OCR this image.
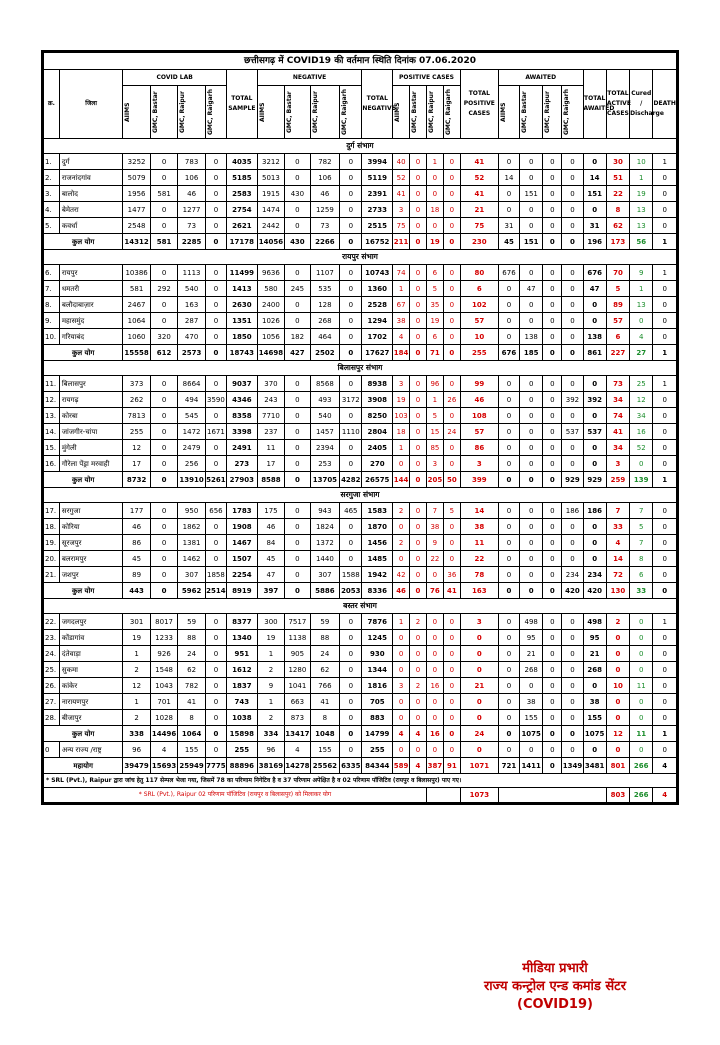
छत्तीसगढ़ में COVID19 की वर्तमान स्थिति दिनांक 07.06.2020																								
क्र.	जिला	COVID LAB				TOTAL SAMPLE	NEGATIVE				TOTAL NEGATIVE	POSITIVE CASES				TOTAL POSITIVE CASES	AWAITED				TOTAL AWAITED	TOTAL ACTIVE CASES	Cured / Discharge	DEATH

		AIIMS	GMC, Bastar	GMC, Raipur	GMC, Raigarh		AIIMS	GMC, Bastar	GMC, Raipur	GMC, Raigarh		AIIMS	GMC, Bastar	GMC, Raipur	GMC, Raigarh		AIIMS	GMC, Bastar	GMC, Raipur	GMC, Raigarh				

दुर्ग संभाग																								
1.	दुर्ग	3252	0	783	0	4035	3212	0	782	0	3994	40	0	1	0	41	0	0	0	0	0	30	10	1
2.	राजनांदगांव	5079	0	106	0	5185	5013	0	106	0	5119	52	0	0	0	52	14	0	0	0	14	51	1	0
3.	बालोद	1956	581	46	0	2583	1915	430	46	0	2391	41	0	0	0	41	0	151	0	0	151	22	19	0
4.	बेमेतरा	1477	0	1277	0	2754	1474	0	1259	0	2733	3	0	18	0	21	0	0	0	0	0	8	13	0
5.	कवर्धा	2548	0	73	0	2621	2442	0	73	0	2515	75	0	0	0	75	31	0	0	0	31	62	13	0
कुल योग		14312	581	2285	0	17178	14056	430	2266	0	16752	211	0	19	0	230	45	151	0	0	196	173	56	1
रायपुर संभाग																								
6.	रायपुर	10386	0	1113	0	11499	9636	0	1107	0	10743	74	0	6	0	80	676	0	0	0	676	70	9	1
7.	धमतरी	581	292	540	0	1413	580	245	535	0	1360	1	0	5	0	6	0	47	0	0	47	5	1	0
8.	बलौदाबाज़ार	2467	0	163	0	2630	2400	0	128	0	2528	67	0	35	0	102	0	0	0	0	0	89	13	0
9.	महासमुंद	1064	0	287	0	1351	1026	0	268	0	1294	38	0	19	0	57	0	0	0	0	0	57	0	0
10.	गरियाबंद	1060	320	470	0	1850	1056	182	464	0	1702	4	0	6	0	10	0	138	0	0	138	6	4	0
कुल योग		15558	612	2573	0	18743	14698	427	2502	0	17627	184	0	71	0	255	676	185	0	0	861	227	27	1
बिलासपुर संभाग																								
11.	बिलासपुर	373	0	8664	0	9037	370	0	8568	0	8938	3	0	96	0	99	0	0	0	0	0	73	25	1
12.	रायगढ़	262	0	494	3590	4346	243	0	493	3172	3908	19	0	1	26	46	0	0	0	392	392	34	12	0
13.	कोरबा	7813	0	545	0	8358	7710	0	540	0	8250	103	0	5	0	108	0	0	0	0	0	74	34	0
14.	जांजगीर-चांपा	255	0	1472	1671	3398	237	0	1457	1110	2804	18	0	15	24	57	0	0	0	537	537	41	16	0
15.	मुंगेली	12	0	2479	0	2491	11	0	2394	0	2405	1	0	85	0	86	0	0	0	0	0	34	52	0
16.	गौरेला पेंड्रा मरवाही	17	0	256	0	273	17	0	253	0	270	0	0	3	0	3	0	0	0	0	0	3	0	0
कुल योग		8732	0	13910	5261	27903	8588	0	13705	4282	26575	144	0	205	50	399	0	0	0	929	929	259	139	1
सरगुजा संभाग																								
17.	सरगुजा	177	0	950	656	1783	175	0	943	465	1583	2	0	7	5	14	0	0	0	186	186	7	7	0
18.	कोरिया	46	0	1862	0	1908	46	0	1824	0	1870	0	0	38	0	38	0	0	0	0	0	33	5	0
19.	सूरजपुर	86	0	1381	0	1467	84	0	1372	0	1456	2	0	9	0	11	0	0	0	0	0	4	7	0
20.	बलरामपुर	45	0	1462	0	1507	45	0	1440	0	1485	0	0	22	0	22	0	0	0	0	0	14	8	0
21.	जशपुर	89	0	307	1858	2254	47	0	307	1588	1942	42	0	0	36	78	0	0	0	234	234	72	6	0
कुल योग		443	0	5962	2514	8919	397	0	5886	2053	8336	46	0	76	41	163	0	0	0	420	420	130	33	0
बस्तर संभाग																								
22.	जगदलपुर	301	8017	59	0	8377	300	7517	59	0	7876	1	2	0	0	3	0	498	0	0	498	2	0	1
23.	कोंडागांव	19	1233	88	0	1340	19	1138	88	0	1245	0	0	0	0	0	0	95	0	0	95	0	0	0
24.	दंतेवाड़ा	1	926	24	0	951	1	905	24	0	930	0	0	0	0	0	0	21	0	0	21	0	0	0
25.	सुकमा	2	1548	62	0	1612	2	1280	62	0	1344	0	0	0	0	0	0	268	0	0	268	0	0	0
26.	कांकेर	12	1043	782	0	1837	9	1041	766	0	1816	3	2	16	0	21	0	0	0	0	0	10	11	0
27.	नारायणपुर	1	701	41	0	743	1	663	41	0	705	0	0	0	0	0	0	38	0	0	38	0	0	0
28.	बीजापुर	2	1028	8	0	1038	2	873	8	0	883	0	0	0	0	0	0	155	0	0	155	0	0	0
कुल योग		338	14496	1064	0	15898	334	13417	1048	0	14799	4	4	16	0	24	0	1075	0	0	1075	12	11	1
0	अन्य राज्य /राष्ट्र	96	4	155	0	255	96	4	155	0	255	0	0	0	0	0	0	0	0	0	0	0	0	0
महायोग		39479	15693	25949	7775	88896	38169	14278	25562	6335	84344	589	4	387	91	1071	721	1411	0	1349	3481	801	266	4
* SRL (Pvt.), Raipur द्वारा जांच हेतु 117 सेम्पल भेजा गया, जिसमें 78 का परिणाम निगेटिव है व 37 परिणाम अपेक्षित है व 02 परिणाम पॉजिटिव (रायपुर व बिलासपुर) पाए गए।																								
* SRL (Pvt.), Raipur 02 परिणाम पॉजिटिव (रायपुर व बिलासपुर) को मिलाकर योग																1073						803	266	4
मीडिया प्रभारी
राज्य कन्ट्रोल एन्ड कमांड सेंटर
(COVID19)
